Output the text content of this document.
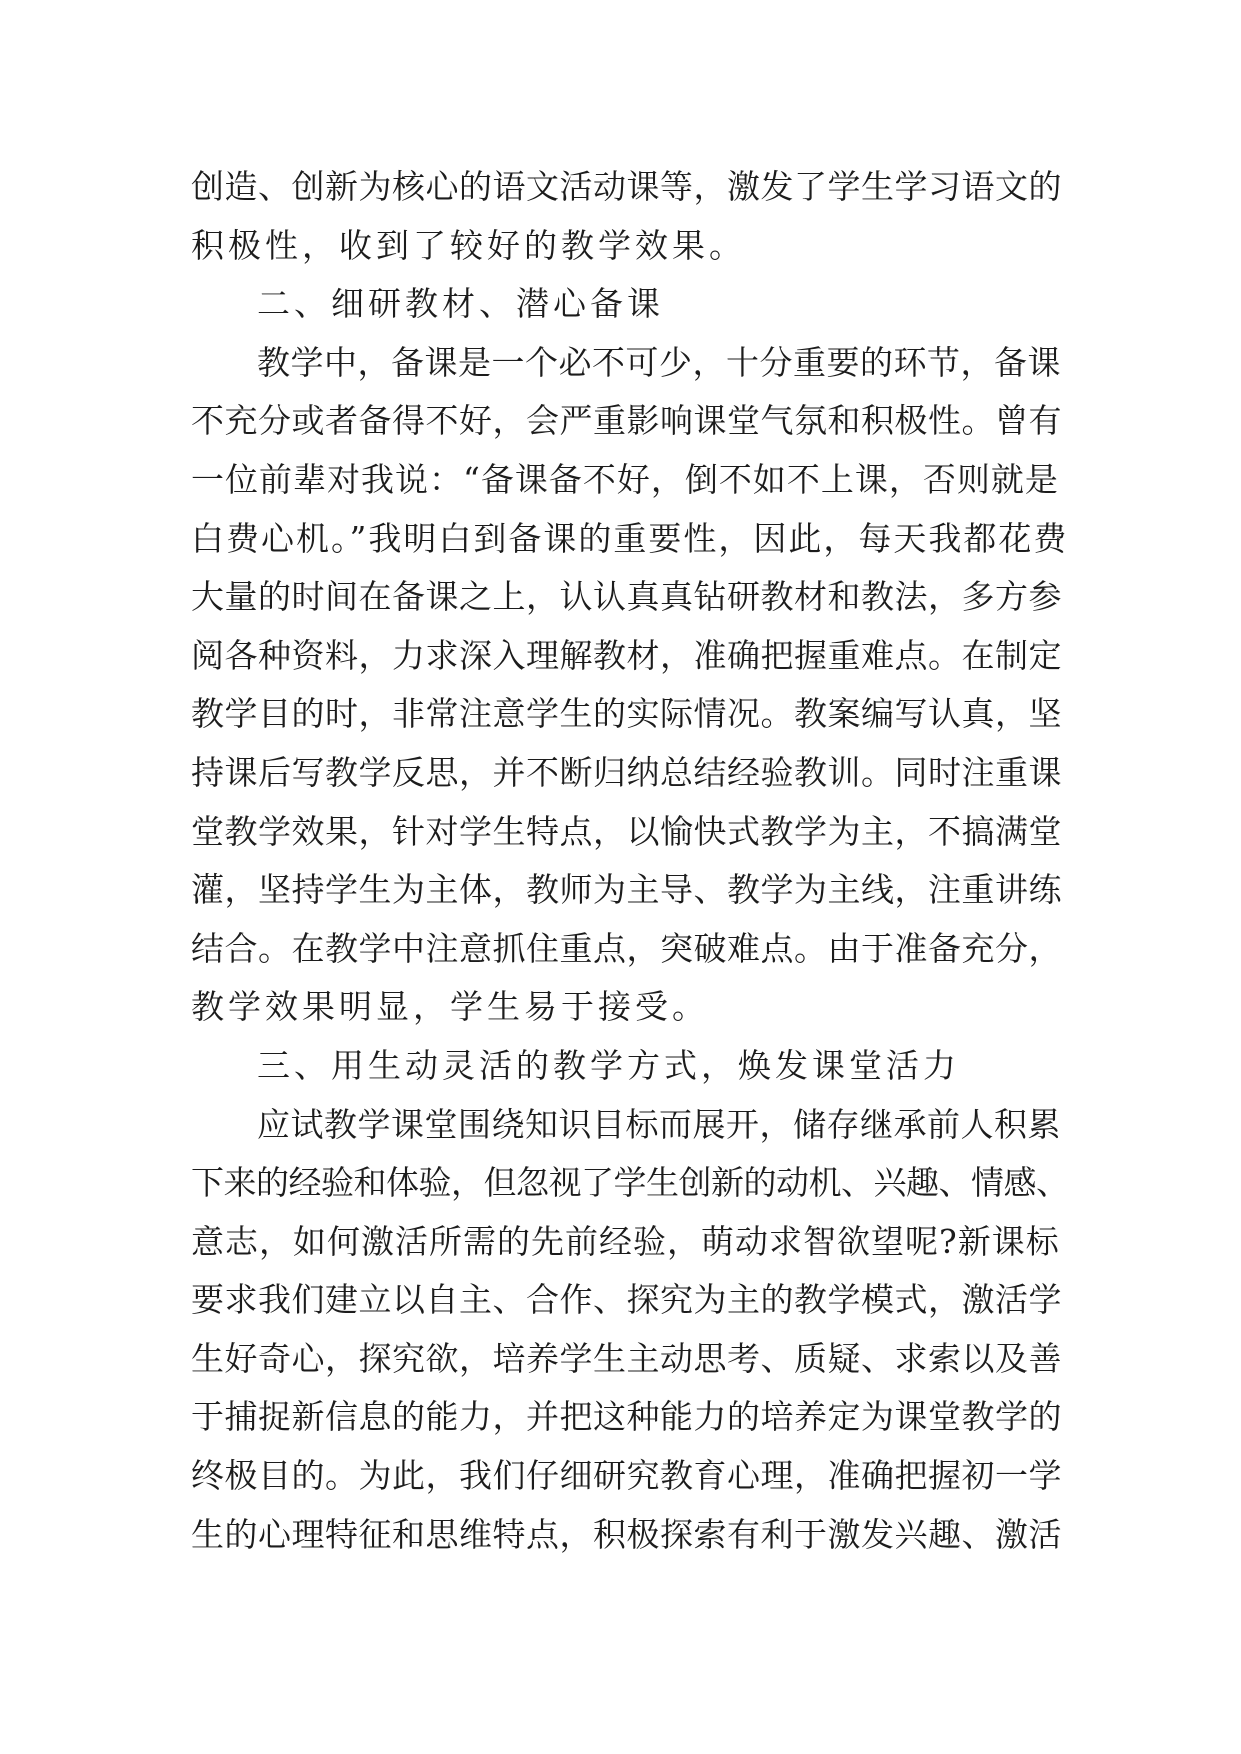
创造、创新为核心的语文活动课等，激发了学生学习语文的
积极性，收到了较好的教学效果。
二、细研教材、潜心备课
教学中，备课是一个必不可少，十分重要的环节，备课
不充分或者备得不好，会严重影响课堂气氛和积极性。曾有
一位前辈对我说：“备课备不好，倒不如不上课，否则就是
白费心机。”我明白到备课的重要性，因此，每天我都花费
大量的时间在备课之上，认认真真钻研教材和教法，多方参
阅各种资料，力求深入理解教材，准确把握重难点。在制定
教学目的时，非常注意学生的实际情况。教案编写认真，坚
持课后写教学反思，并不断归纳总结经验教训。同时注重课
堂教学效果，针对学生特点，以愉快式教学为主，不搞满堂
灌，坚持学生为主体，教师为主导、教学为主线，注重讲练
结合。在教学中注意抓住重点，突破难点。由于准备充分，
教学效果明显，学生易于接受。
三、用生动灵活的教学方式，焕发课堂活力
应试教学课堂围绕知识目标而展开，储存继承前人积累
下来的经验和体验，但忽视了学生创新的动机、兴趣、情感、
意志，如何激活所需的先前经验，萌动求智欲望呢?新课标
要求我们建立以自主、合作、探究为主的教学模式，激活学
生好奇心，探究欲，培养学生主动思考、质疑、求索以及善
于捕捉新信息的能力，并把这种能力的培养定为课堂教学的
终极目的。为此，我们仔细研究教育心理，准确把握初一学
生的心理特征和思维特点，积极探索有利于激发兴趣、激活
